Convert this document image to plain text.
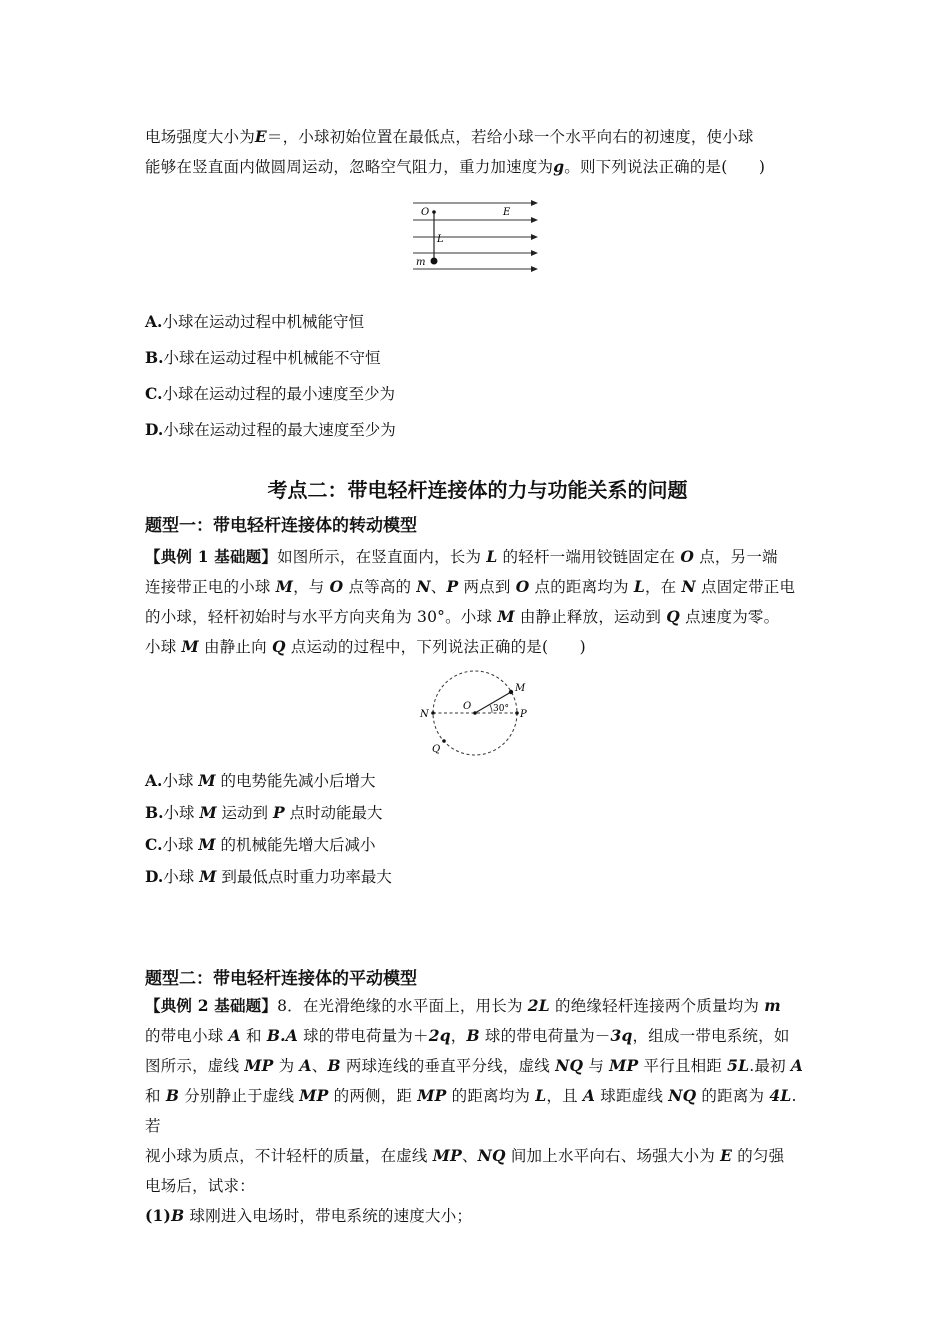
电场强度大小为E＝，小球初始位置在最低点，若给小球一个水平向右的初速度，使小球

能够在竖直面内做圆周运动，忽略空气阻力，重力加速度为g。则下列说法正确的是(　　)

O	E
L
m

A.小球在运动过程中机械能守恒

B.小球在运动过程中机械能不守恒

C.小球在运动过程的最小速度至少为

D.小球在运动过程的最大速度至少为

考点二：带电轻杆连接体的力与功能关系的问题

题型一：带电轻杆连接体的转动模型

【典例 1 基础题】如图所示，在竖直面内，长为 L 的轻杆一端用铰链固定在 O 点，另一端

连接带正电的小球 M，与 O 点等高的 N、P 两点到 O 点的距离均为 L，在 N 点固定带正电

的小球，轻杆初始时与水平方向夹角为 30°。小球 M 由静止释放，运动到 Q 点速度为零。

小球 M 由静止向 Q 点运动的过程中，下列说法正确的是(　　)

M
O
N	P
Q
30°

A.小球 M 的电势能先减小后增大

B.小球 M 运动到 P 点时动能最大

C.小球 M 的机械能先增大后减小

D.小球 M 到最低点时重力功率最大

题型二：带电轻杆连接体的平动模型

【典例 2 基础题】8．在光滑绝缘的水平面上，用长为 2L 的绝缘轻杆连接两个质量均为 m

的带电小球 A 和 B.A 球的带电荷量为＋2q，B 球的带电荷量为－3q，组成一带电系统，如

图所示，虚线 MP 为 A、B 两球连线的垂直平分线，虚线 NQ 与 MP 平行且相距 5L.最初 A

和 B 分别静止于虚线 MP 的两侧，距 MP 的距离均为 L，且 A 球距虚线 NQ 的距离为 4L.若

视小球为质点，不计轻杆的质量，在虚线 MP、NQ 间加上水平向右、场强大小为 E 的匀强

电场后，试求：

(1)B 球刚进入电场时，带电系统的速度大小；
